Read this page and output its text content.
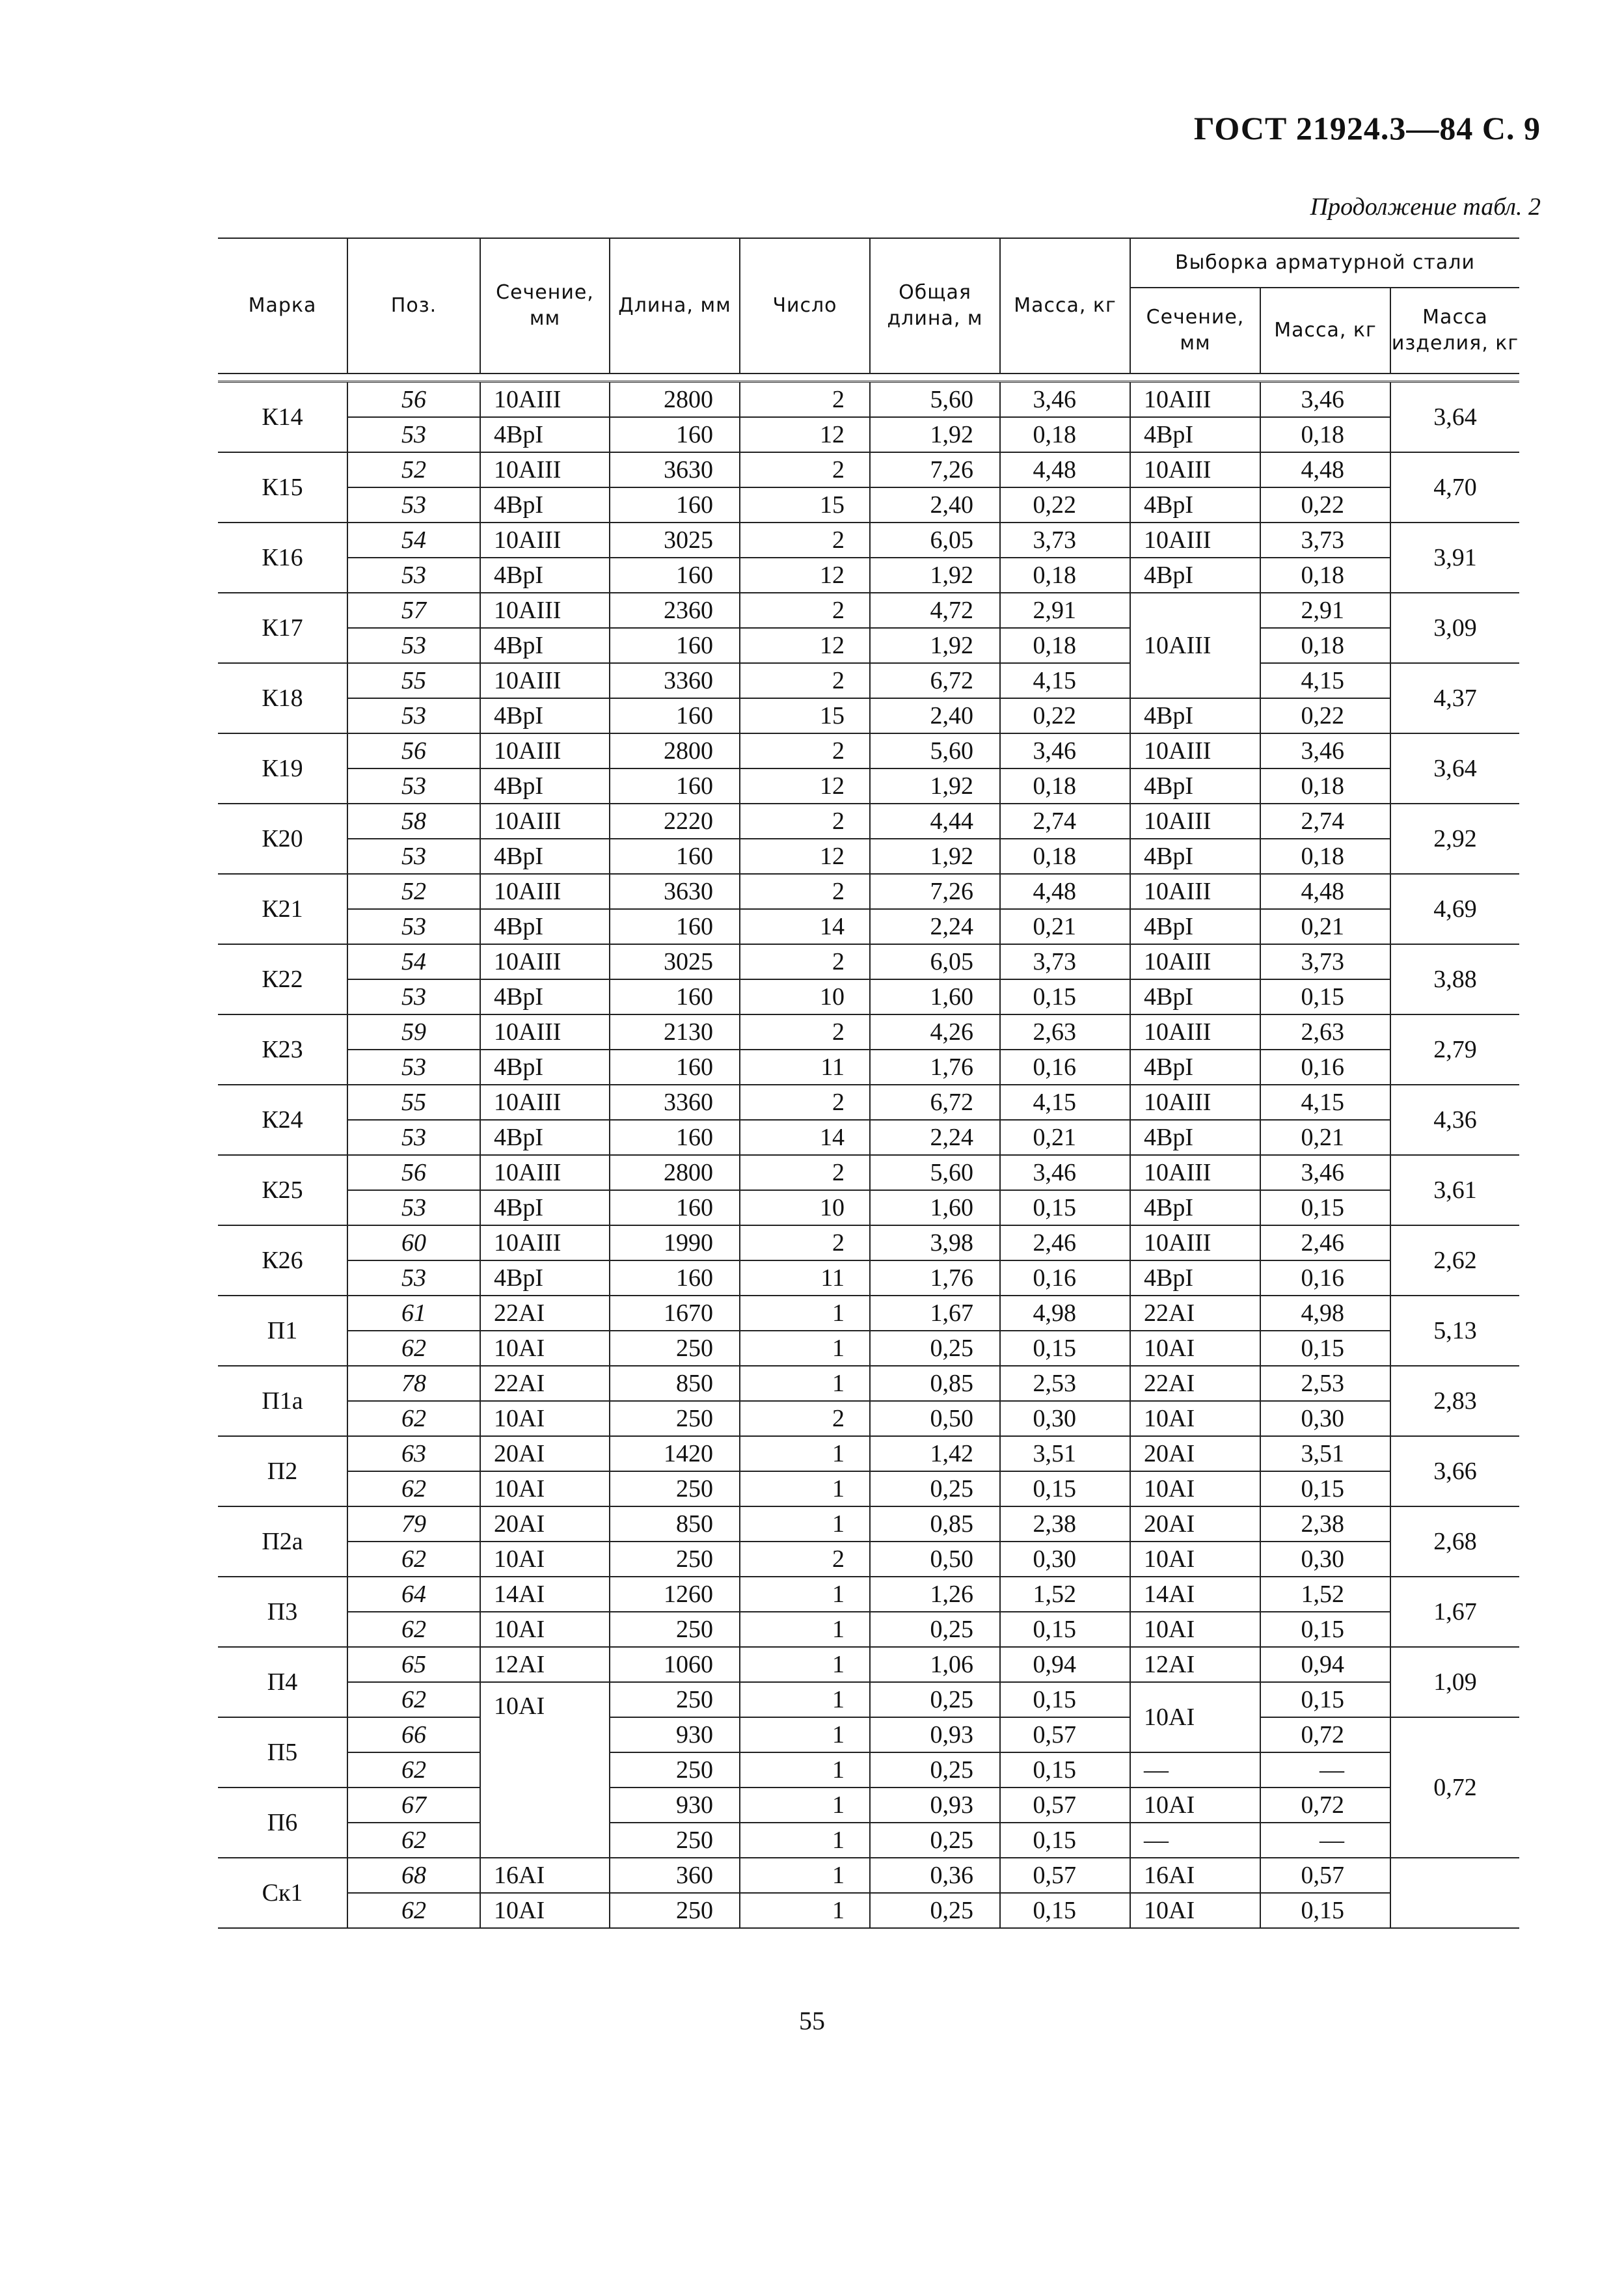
ГОСТ 21924.3—84 С. 9
Продолжение табл. 2
Марка	Поз.	Сечение, мм	Длина, мм	Число	Общая длина, м	Масса, кг	Выборка арматурной стали		
							Сечение, мм	Масса, кг	Масса изделия, кг

К14	56	10AIII	2800	2	5,60	3,46	10AIII	3,46	3,64
	53	4BpI	160	12	1,92	0,18	4BpI	0,18	
К15	52	10AIII	3630	2	7,26	4,48	10AIII	4,48	4,70
	53	4BpI	160	15	2,40	0,22	4BpI	0,22	
К16	54	10AIII	3025	2	6,05	3,73	10AIII	3,73	3,91
	53	4BpI	160	12	1,92	0,18	4BpI	0,18	
К17	57	10AIII	2360	2	4,72	2,91	10AIII	2,91	3,09
	53	4BpI	160	12	1,92	0,18		0,18	
К18	55	10AIII	3360	2	6,72	4,15		4,15	4,37
	53	4BpI	160	15	2,40	0,22	4BpI	0,22	
К19	56	10AIII	2800	2	5,60	3,46	10AIII	3,46	3,64
	53	4BpI	160	12	1,92	0,18	4BpI	0,18	
К20	58	10AIII	2220	2	4,44	2,74	10AIII	2,74	2,92
	53	4BpI	160	12	1,92	0,18	4BpI	0,18	
К21	52	10AIII	3630	2	7,26	4,48	10AIII	4,48	4,69
	53	4BpI	160	14	2,24	0,21	4BpI	0,21	
К22	54	10AIII	3025	2	6,05	3,73	10AIII	3,73	3,88
	53	4BpI	160	10	1,60	0,15	4BpI	0,15	
К23	59	10AIII	2130	2	4,26	2,63	10AIII	2,63	2,79
	53	4BpI	160	11	1,76	0,16	4BpI	0,16	
К24	55	10AIII	3360	2	6,72	4,15	10AIII	4,15	4,36
	53	4BpI	160	14	2,24	0,21	4BpI	0,21	
К25	56	10AIII	2800	2	5,60	3,46	10AIII	3,46	3,61
	53	4BpI	160	10	1,60	0,15	4BpI	0,15	
К26	60	10AIII	1990	2	3,98	2,46	10AIII	2,46	2,62
	53	4BpI	160	11	1,76	0,16	4BpI	0,16	
П1	61	22AI	1670	1	1,67	4,98	22AI	4,98	5,13
	62	10AI	250	1	0,25	0,15	10AI	0,15	
П1а	78	22AI	850	1	0,85	2,53	22AI	2,53	2,83
	62	10AI	250	2	0,50	0,30	10AI	0,30	
П2	63	20AI	1420	1	1,42	3,51	20AI	3,51	3,66
	62	10AI	250	1	0,25	0,15	10AI	0,15	
П2а	79	20AI	850	1	0,85	2,38	20AI	2,38	2,68
	62	10AI	250	2	0,50	0,30	10AI	0,30	
П3	64	14AI	1260	1	1,26	1,52	14AI	1,52	1,67
	62	10AI	250	1	0,25	0,15	10AI	0,15	
П4	65	12AI	1060	1	1,06	0,94	12AI	0,94	1,09
	62	10AI	250	1	0,25	0,15	10AI	0,15	
П5	66		930	1	0,93	0,57		0,72	0,72
	62		250	1	0,25	0,15	—	—	
П6	67		930	1	0,93	0,57	10AI	0,72	
	62		250	1	0,25	0,15	—	—	
Ск1	68	16AI	360	1	0,36	0,57	16AI	0,57	
	62	10AI	250	1	0,25	0,15	10AI	0,15	
55
